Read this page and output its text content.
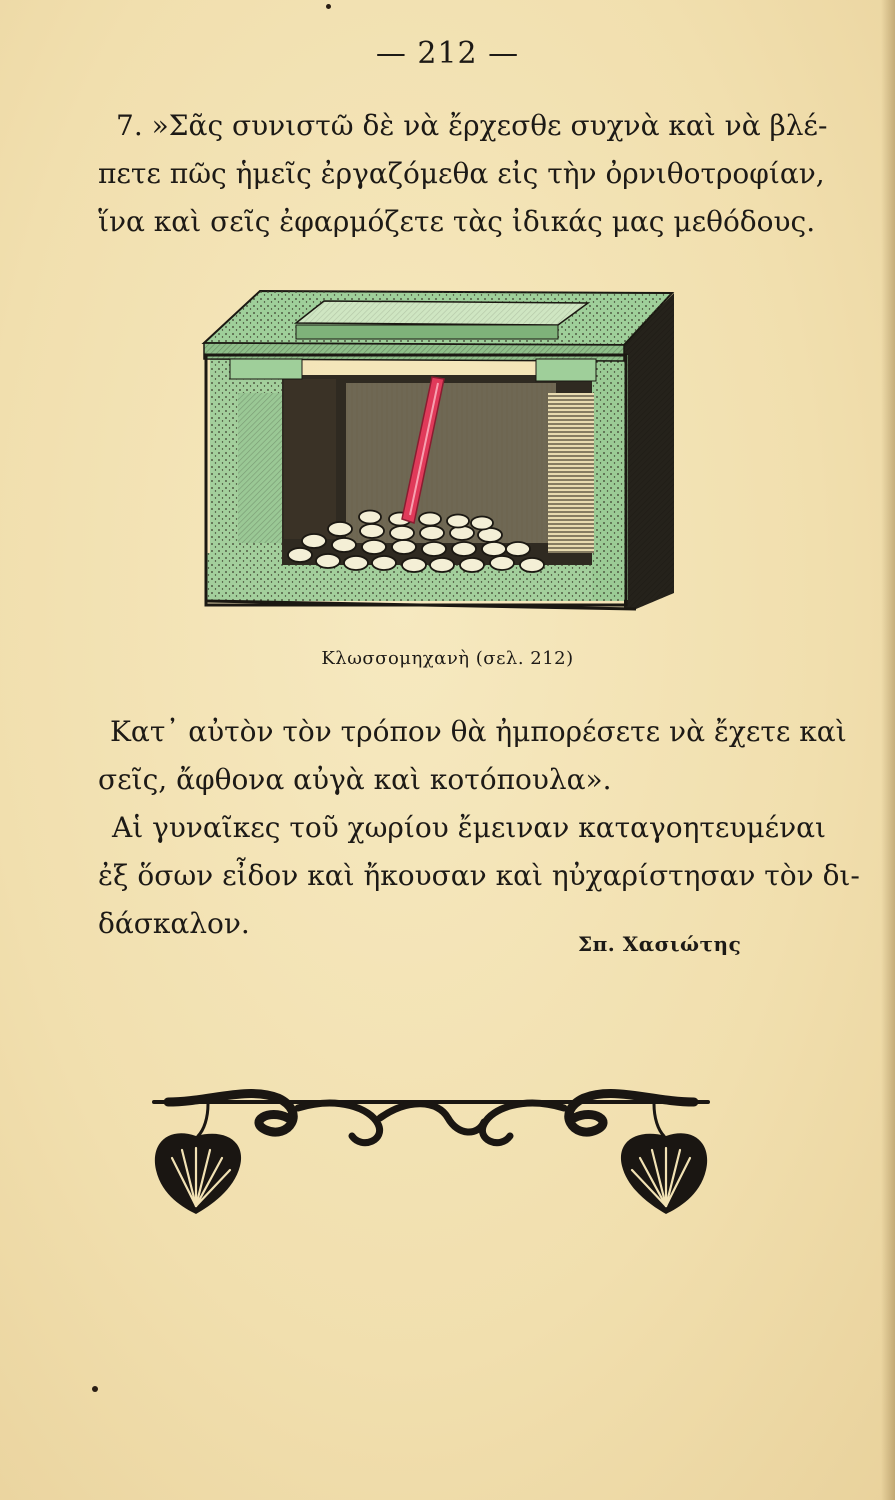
— 212 —
7. »Σᾶς συνιστῶ δὲ νὰ ἔρχεσθε συχνὰ καὶ νὰ βλέ-
πετε πῶς ἡμεῖς ἐργαζόμεθα εἰς τὴν ὀρνιθοτροφίαν,
ἵνα καὶ σεῖς ἐφαρμόζετε τὰς ἰδικάς μας μεθόδους.
Κλωσσομηχανὴ (σελ. 212)
Κατ᾽ αὐτὸν τὸν τρόπον θὰ ἠμπορέσετε νὰ ἔχετε καὶ
σεῖς, ἄφθονα αὐγὰ καὶ κοτόπουλα».
Αἱ γυναῖκες τοῦ χωρίου ἔμειναν καταγοητευμέναι
ἐξ ὅσων εἶδον καὶ ἤκουσαν καὶ ηὐχαρίστησαν τὸν δι-
δάσκαλον.
Σπ. Χασιώτης
